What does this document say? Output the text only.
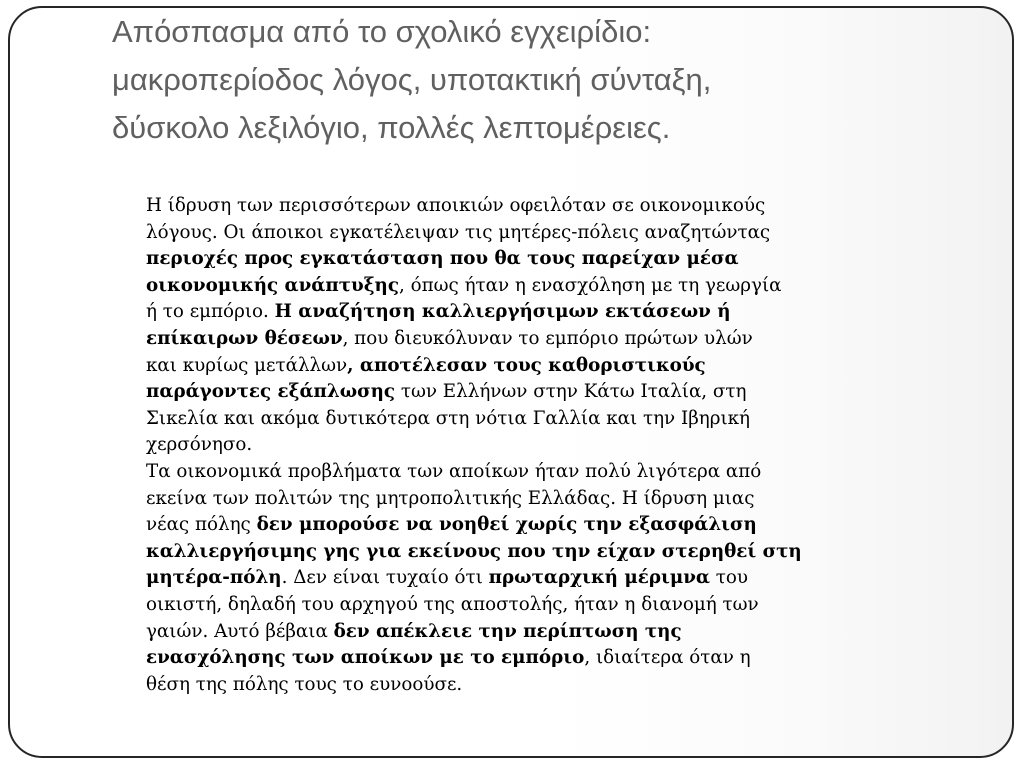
Απόσπασμα από το σχολικό εγχειρίδιο:
μακροπερίοδος λόγος, υποτακτική σύνταξη,
δύσκολο λεξιλόγιο, πολλές λεπτομέρειες.
Η ίδρυση των περισσότερων αποικιών οφειλόταν σε οικονομικούς
λόγους. Οι άποικοι εγκατέλειψαν τις μητέρες-πόλεις αναζητώντας
περιοχές προς εγκατάσταση που θα τους παρείχαν μέσα
οικονομικής ανάπτυξης, όπως ήταν η ενασχόληση με τη γεωργία
ή το εμπόριο. Η αναζήτηση καλλιεργήσιμων εκτάσεων ή
επίκαιρων θέσεων, που διευκόλυναν το εμπόριο πρώτων υλών
και κυρίως μετάλλων, αποτέλεσαν τους καθοριστικούς
παράγοντες εξάπλωσης των Ελλήνων στην Κάτω Ιταλία, στη
Σικελία και ακόμα δυτικότερα στη νότια Γαλλία και την Ιβηρική
χερσόνησο.
Τα οικονομικά προβλήματα των αποίκων ήταν πολύ λιγότερα από
εκείνα των πολιτών της μητροπολιτικής Ελλάδας. Η ίδρυση μιας
νέας πόλης δεν μπορούσε να νοηθεί χωρίς την εξασφάλιση
καλλιεργήσιμης γης για εκείνους που την είχαν στερηθεί στη
μητέρα-πόλη. Δεν είναι τυχαίο ότι πρωταρχική μέριμνα του
οικιστή, δηλαδή του αρχηγού της αποστολής, ήταν η διανομή των
γαιών. Αυτό βέβαια δεν απέκλειε την περίπτωση της
ενασχόλησης των αποίκων με το εμπόριο, ιδιαίτερα όταν η
θέση της πόλης τους το ευνοούσε.
